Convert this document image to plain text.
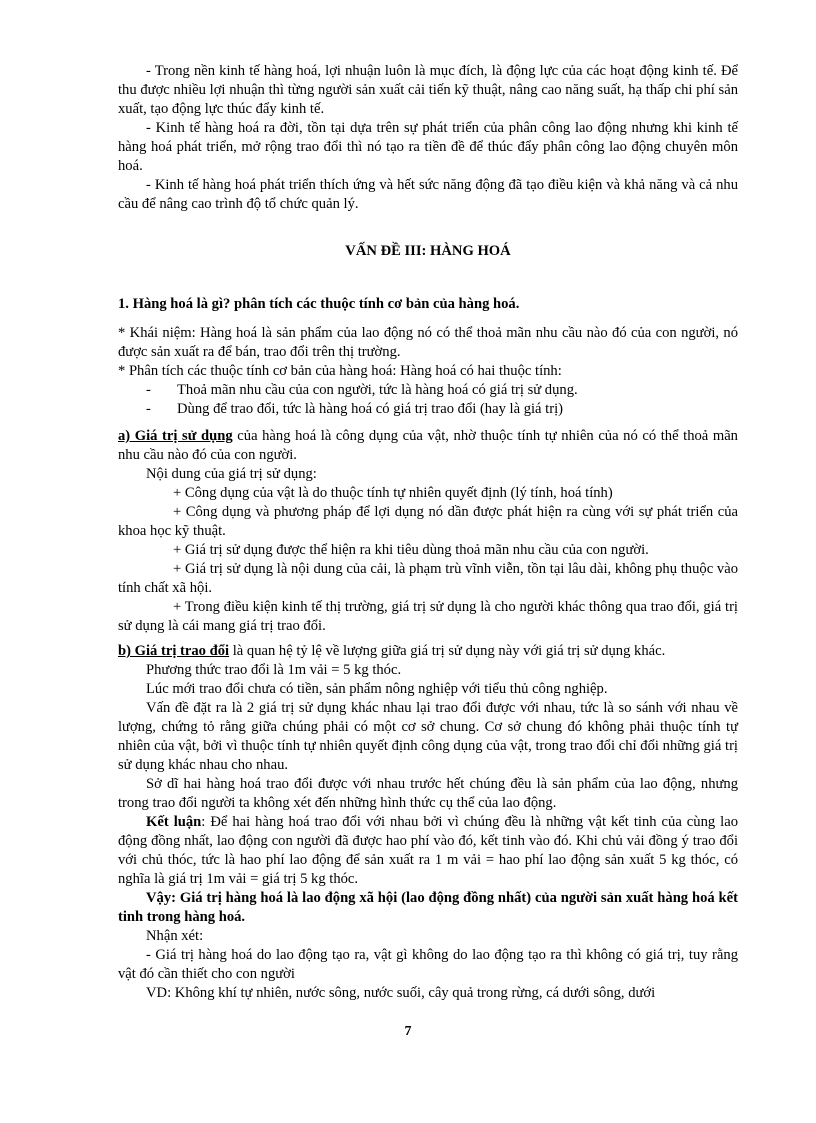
- Trong nền kinh tế hàng hoá, lợi nhuận luôn là mục đích, là động lực của các hoạt động kinh tế. Để thu được nhiều lợi nhuận thì từng người sản xuất cải tiến kỹ thuật, nâng cao năng suất, hạ thấp chi phí sản xuất, tạo động lực thúc đẩy kinh tế.

- Kinh tế hàng hoá ra đời, tồn tại dựa trên sự phát triển của phân công lao động nhưng khi kinh tế hàng hoá phát triển, mở rộng trao đổi thì nó tạo ra tiền đề để thúc đẩy phân công lao động chuyên môn hoá.

- Kinh tế hàng hoá phát triển thích ứng và hết sức năng động đã tạo điều kiện và khả năng và cả nhu cầu để nâng cao trình độ tổ chức quản lý.

VẤN ĐỀ III: HÀNG HOÁ

1. Hàng hoá là gì? phân tích các thuộc tính cơ bản của hàng hoá.

* Khái niệm: Hàng hoá là sản phẩm của lao động nó có thể thoả mãn nhu cầu nào đó của con người, nó được sản xuất ra để bán, trao đổi trên thị trường.

* Phân tích các thuộc tính cơ bản của hàng hoá: Hàng hoá có hai thuộc tính:

-	Thoả mãn nhu cầu của con người, tức là hàng hoá có giá trị sử dụng.
-	Dùng để trao đổi, tức là hàng hoá có giá trị trao đổi (hay là giá trị)

a) Giá trị sử dụng của hàng hoá là công dụng của vật, nhờ thuộc tính tự nhiên của nó có thể thoả mãn nhu cầu nào đó của con người.

Nội dung của giá trị sử dụng:

+ Công dụng của vật là do thuộc tính tự nhiên quyết định (lý tính, hoá tính)

+ Công dụng và phương pháp để lợi dụng nó dần được phát hiện ra cùng với sự phát triển của khoa học kỹ thuật.

+ Giá trị sử dụng được thể hiện ra khi tiêu dùng thoả mãn nhu cầu của con người.

+ Giá trị sử dụng là nội dung của cải, là phạm trù vĩnh viễn, tồn tại lâu dài, không phụ thuộc vào tính chất xã hội.

+ Trong điều kiện kinh tế thị trường, giá trị sử dụng là cho người khác thông qua trao đổi, giá trị sử dụng là cái mang giá trị trao đổi.

b) Giá trị trao đổi là quan hệ tỷ lệ về lượng giữa giá trị sử dụng này với giá trị sử dụng khác.

Phương thức trao đổi là 1m vải = 5 kg thóc.

Lúc mới trao đổi chưa có tiền, sản phẩm nông nghiệp với tiểu thủ công nghiệp.

Vấn đề đặt ra là 2 giá trị sử dụng khác nhau lại trao đổi được với nhau, tức là so sánh với nhau về lượng, chứng tỏ rằng giữa chúng phải có một cơ sở chung. Cơ sở chung đó không phải thuộc tính tự nhiên của vật, bởi vì thuộc tính tự nhiên quyết định công dụng của vật, trong trao đổi chỉ đổi những giá trị sử dụng khác nhau cho nhau.

Sở dĩ hai hàng hoá trao đổi được với nhau trước hết chúng đều là sản phẩm của lao động, nhưng trong trao đổi người ta không xét đến những hình thức cụ thể của lao động.

Kết luận: Để hai hàng hoá trao đổi với nhau bởi vì chúng đều là những vật kết tinh của cùng lao động đồng nhất, lao động con người đã được hao phí vào đó, kết tinh vào đó. Khi chủ vải đồng ý trao đổi với chủ thóc, tức là hao phí lao động để sản xuất ra 1 m vải = hao phí lao động sản xuất 5 kg thóc, có nghĩa là giá trị 1m vải = giá trị 5 kg thóc.

Vậy: Giá trị hàng hoá là lao động xã hội (lao động đồng nhất) của người sản xuất hàng hoá kết tinh trong hàng hoá.

Nhận xét:

- Giá trị hàng hoá do lao động tạo ra, vật gì không do lao động tạo ra thì không có giá trị, tuy rằng vật đó cần thiết cho con người

VD: Không khí tự nhiên, nước sông, nước suối, cây quả trong rừng, cá dưới sông, dưới

7
